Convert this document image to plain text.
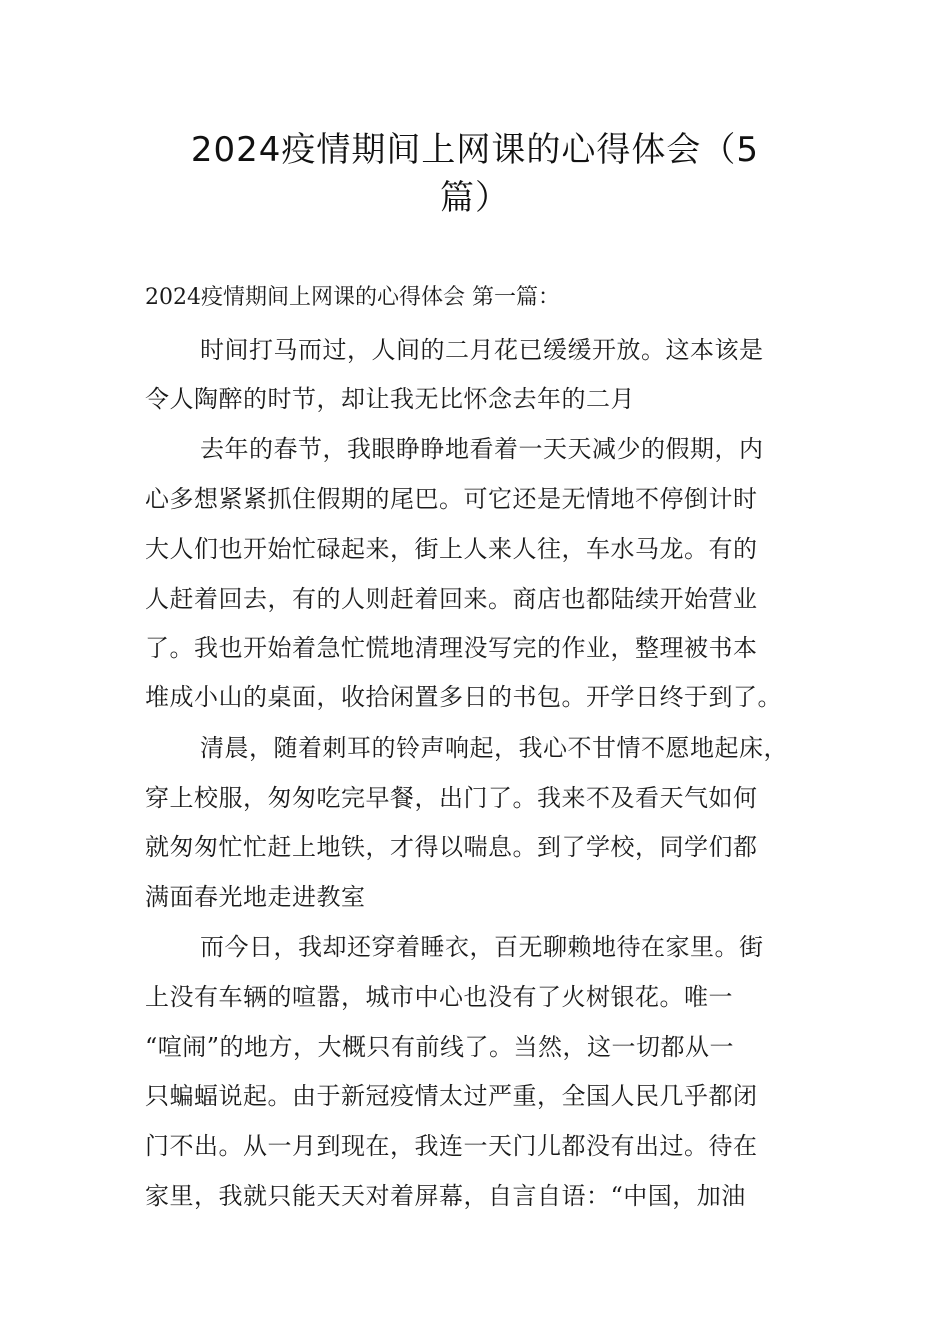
2024疫情期间上网课的心得体会（5
篇）
2024疫情期间上网课的心得体会 第一篇：
时间打马而过，人间的二月花已缓缓开放。这本该是
令人陶醉的时节，却让我无比怀念去年的二月
去年的春节，我眼睁睁地看着一天天减少的假期，内
心多想紧紧抓住假期的尾巴。可它还是无情地不停倒计时
大人们也开始忙碌起来，街上人来人往，车水马龙。有的
人赶着回去，有的人则赶着回来。商店也都陆续开始营业
了。我也开始着急忙慌地清理没写完的作业，整理被书本
堆成小山的桌面，收拾闲置多日的书包。开学日终于到了。
清晨，随着刺耳的铃声响起，我心不甘情不愿地起床，
穿上校服，匆匆吃完早餐，出门了。我来不及看天气如何
就匆匆忙忙赶上地铁，才得以喘息。到了学校，同学们都
满面春光地走进教室
而今日，我却还穿着睡衣，百无聊赖地待在家里。街
上没有车辆的喧嚣，城市中心也没有了火树银花。唯一
“喧闹”的地方，大概只有前线了。当然，这一切都从一
只蝙蝠说起。由于新冠疫情太过严重，全国人民几乎都闭
门不出。从一月到现在，我连一天门儿都没有出过。待在
家里，我就只能天天对着屏幕，自言自语：“中国，加油
